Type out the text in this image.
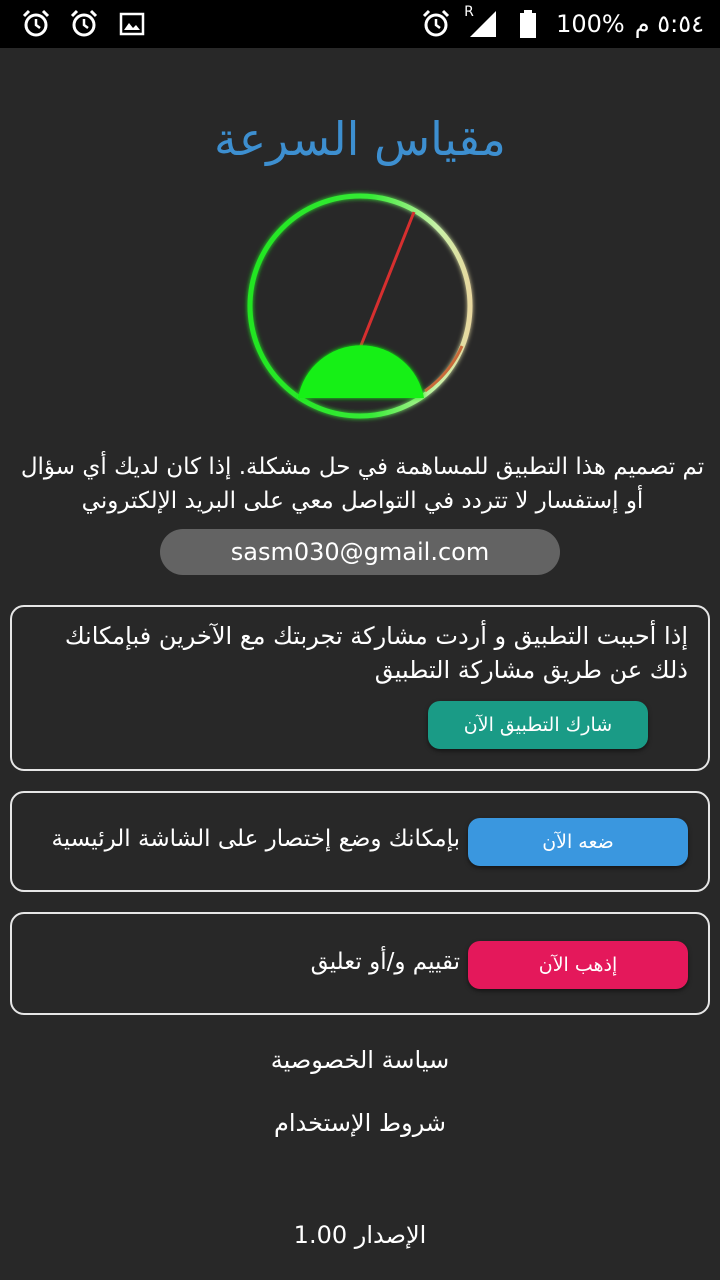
R	100% ٥:٥٤ م
مقياس السرعة
تم تصميم هذا التطبيق للمساهمة في حل مشكلة. إذا كان لديك أي سؤال أو إستفسار لا تتردد في التواصل معي على البريد الإلكتروني
sasm030@gmail.com
إذا أحببت التطبيق و أردت مشاركة تجربتك مع الآخرين فبإمكانك ذلك عن طريق مشاركة التطبيق
شارك التطبيق الآن
ضعه الآن
بإمكانك وضع إختصار على الشاشة الرئيسية
إذهب الآن
تقييم و/أو تعليق
سياسة الخصوصية
شروط الإستخدام
الإصدار 1.00
